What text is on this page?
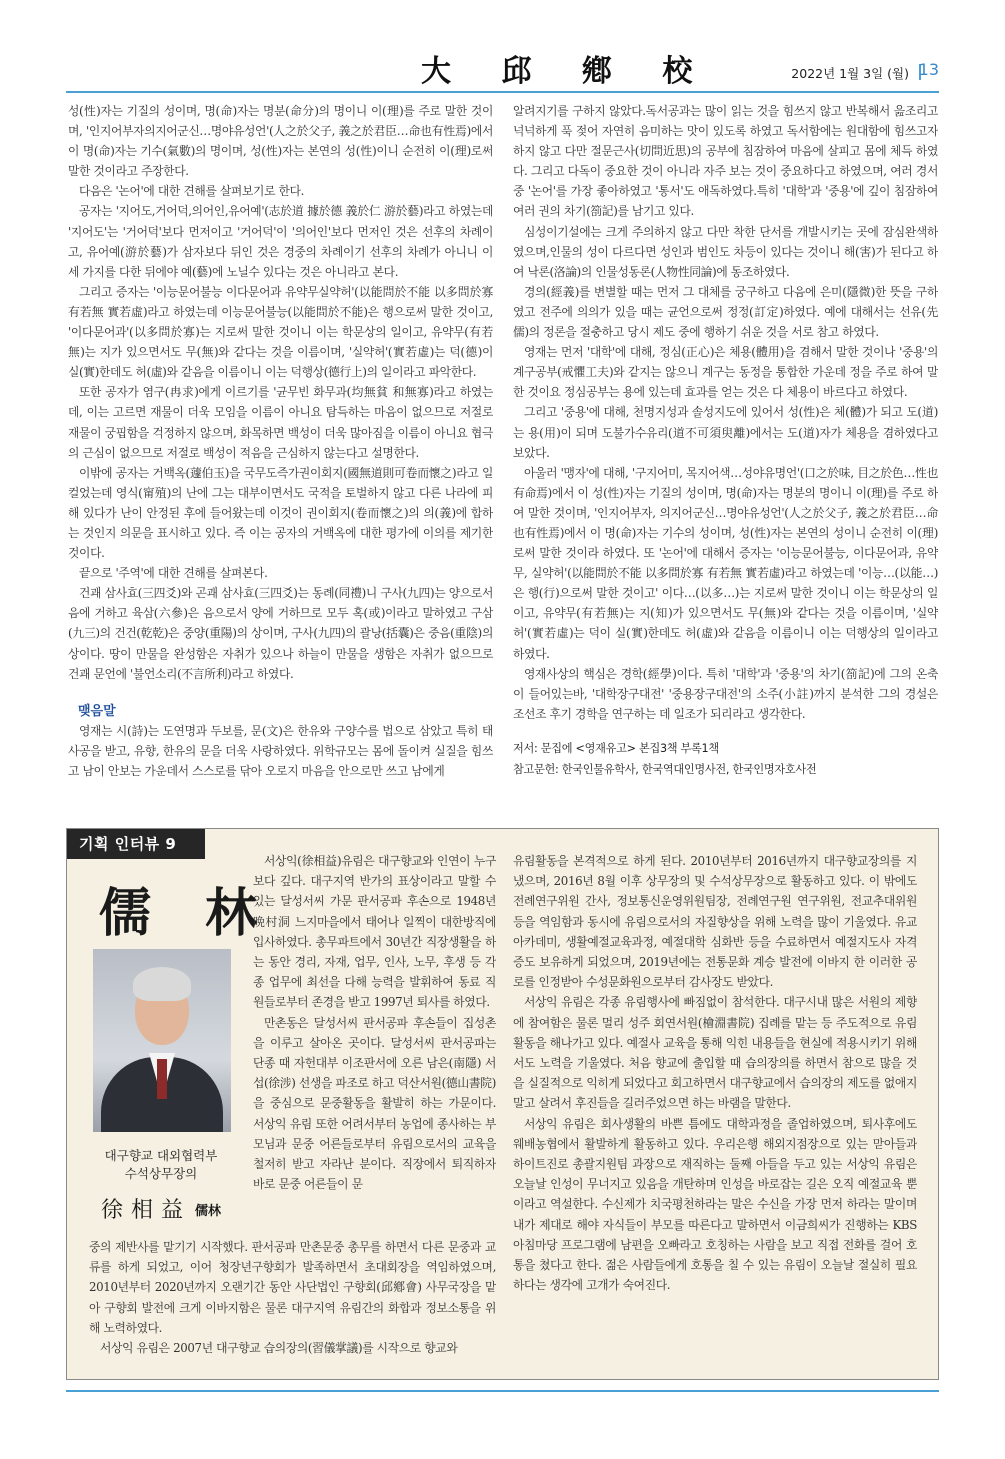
大 邱 鄕 校	2022년 1월 3일 (월) 13

성(性)자는 기질의 성이며, 명(命)자는 명분(命分)의 명이니 이(理)를 주로 말한 것이며, '인지어부자의지어군신…명야유성언'(人之於父子, 義之於君臣…命也有性焉)에서 이 명(命)자는 기수(氣數)의 명이며, 성(性)자는 본연의 성(性)이니 순전히 이(理)로써 말한 것이라고 주장한다.

다음은 '논어'에 대한 견해를 살펴보기로 한다.

공자는 '지어도,거어덕,의어인,유어예'(志於道 據於德 義於仁 游於藝)라고 하였는데 '지어도'는 '거어덕'보다 먼저이고 '거어덕'이 '의어인'보다 먼저인 것은 선후의 차례이고, 유어예(游於藝)가 삼자보다 뒤인 것은 경중의 차례이기 선후의 차례가 아니니 이 세 가지를 다한 뒤에야 예(藝)에 노닐수 있다는 것은 아니라고 본다.

그리고 증자는 '이능문어불능 이다문어과 유약무실약허'(以能問於不能 以多問於寡 有若無 實若虛)라고 하였는데 이능문어불능(以能問於不能)은 행으로써 말한 것이고, '이다문어과'(以多問於寡)는 지로써 말한 것이니 이는 학문상의 일이고, 유약무(有若無)는 지가 있으면서도 무(無)와 같다는 것을 이름이며, '실약허'(實若虛)는 덕(德)이 실(實)한데도 허(虛)와 같음을 이름이니 이는 덕행상(德行上)의 일이라고 파악한다.

또한 공자가 염구(冉求)에게 이르기를 '균무빈 화무과(均無貧 和無寡)라고 하였는데, 이는 고르면 재물이 더욱 모임을 이름이 아니요 탐득하는 마음이 없으므로 저절로 재물이 궁핍함을 걱정하지 않으며, 화목하면 백성이 더욱 많아짐을 이름이 아니요 협극의 근심이 없으므로 저절로 백성이 적음을 근심하지 않는다고 설명한다.

이밖에 공자는 거백옥(蘧伯玉)을 국무도즉가권이회지(國無道則可卷而懷之)라고 일컬었는데 영식(甯殖)의 난에 그는 대부이면서도 국적을 토벌하지 않고 다른 나라에 피해 있다가 난이 안정된 후에 들어왔는데 이것이 권이회지(卷而懷之)의 의(義)에 합하는 것인지 의문을 표시하고 있다. 즉 이는 공자의 거백옥에 대한 평가에 이의를 제기한 것이다.

끝으로 '주역'에 대한 견해를 살펴본다.

건괘 삼사효(三四爻)와 곤괘 삼사효(三四爻)는 동례(同禮)니 구사(九四)는 양으로서 음에 거하고 육삼(六參)은 음으로서 양에 거하므로 모두 혹(或)이라고 말하였고 구삼(九三)의 건건(乾乾)은 중양(重陽)의 상이며, 구사(九四)의 괄낭(括囊)은 중음(重陰)의 상이다. 땅이 만물을 완성함은 자취가 있으나 하늘이 만물을 생함은 자취가 없으므로 건괘 문언에 '불언소리(不言所利)라고 하였다.

맺음말

영재는 시(詩)는 도연명과 두보를, 문(文)은 한유와 구양수를 법으로 삼았고 특히 태사공을 받고, 유향, 한유의 문을 더욱 사랑하였다. 위학규모는 몸에 돌이켜 실질을 힘쓰고 남이 안보는 가운데서 스스로를 닦아 오로지 마음을 안으로만 쓰고 남에게

알려지기를 구하지 않았다.독서공과는 많이 읽는 것을 힘쓰지 않고 반복해서 읊조리고 넉넉하게 푹 젖어 자연히 음미하는 맛이 있도록 하였고 독서함에는 원대함에 힘쓰고자 하지 않고 다만 절문근사(切問近思)의 공부에 침잠하여 마음에 살피고 몸에 체득 하였다. 그리고 다독이 중요한 것이 아니라 자주 보는 것이 중요하다고 하였으며, 여러 경서중 '논어'를 가장 좋아하였고 '통서'도 애독하였다.특히 '대학'과 '중용'에 깊이 침잠하여 여러 권의 차기(箚記)를 남기고 있다.

심성이기설에는 크게 주의하지 않고 다만 착한 단서를 개발시키는 곳에 잠심완색하였으며,인물의 성이 다르다면 성인과 범인도 차등이 있다는 것이니 해(害)가 된다고 하여 낙론(洛論)의 인물성동론(人物性同論)에 동조하였다.

경의(經義)를 변별할 때는 먼저 그 대체를 궁구하고 다음에 은미(隱微)한 뜻을 구하였고 전주에 의의가 있을 때는 균언으로써 정정(訂定)하였다. 예에 대해서는 선유(先儒)의 정론을 절충하고 당시 제도 중에 행하기 쉬운 것을 서로 참고 하였다.

영재는 먼저 '대학'에 대해, 정심(正心)은 체용(體用)을 겸해서 말한 것이나 '중용'의 계구공부(戒懼工夫)와 같지는 않으니 계구는 동정을 통합한 가운데 정을 주로 하여 말한 것이요 정심공부는 용에 있는데 효과를 얻는 것은 다 체용이 바르다고 하였다.

그리고 '중용'에 대해, 천명지성과 솔성지도에 있어서 성(性)은 체(體)가 되고 도(道)는 용(用)이 되며 도불가수유리(道不可須臾離)에서는 도(道)자가 체용을 겸하였다고 보았다.

아울러 '맹자'에 대해, '구지어미, 목지어색…성야유명언'(口之於味, 目之於色…性也有命焉)에서 이 성(性)자는 기질의 성이며, 명(命)자는 명분의 명이니 이(理)를 주로 하여 말한 것이며, '인지어부자, 의지어군신…명야유성언'(人之於父子, 義之於君臣…命也有性焉)에서 이 명(命)자는 기수의 성이며, 성(性)자는 본연의 성이니 순전히 이(理)로써 말한 것이라 하였다. 또 '논어'에 대해서 증자는 '이능문어불능, 이다문어과, 유약무, 실약허'(以能問於不能 以多問於寡 有若無 實若虛)라고 하였는데 '이능…(以能…)은 행(行)으로써 말한 것이고' 이다…(以多…)는 지로써 말한 것이니 이는 학문상의 일이고, 유약무(有若無)는 지(知)가 있으면서도 무(無)와 같다는 것을 이름이며, '실약허'(實若虛)는 덕이 실(實)한데도 허(虛)와 같음을 이름이니 이는 덕행상의 일이라고 하였다.

영재사상의 핵심은 경학(經學)이다. 특히 '대학'과 '중용'의 차기(箚記)에 그의 온축이 들어있는바, '대학장구대전' '중용장구대전'의 소주(小註)까지 분석한 그의 경설은 조선조 후기 경학을 연구하는 데 일조가 되리라고 생각한다.

저서: 문집에 <영재유고> 본집3책 부록1책
참고문헌: 한국인물유학사, 한국역대인명사전, 한국인명자호사전
기획 인터뷰 9
儒 林
대구향교 대외협력부
수석상무장의
徐相益 儒林

서상익(徐相益)유림은 대구향교와 인연이 누구보다 깊다. 대구지역 반가의 표상이라고 말할 수 있는 달성서씨 가문 판서공파 후손으로 1948년 晩村洞 느지마을에서 태어나 일찍이 대한방직에 입사하였다. 총무파트에서 30년간 직장생활을 하는 동안 경리, 자재, 업무, 인사, 노무, 후생 등 각종 업무에 최선을 다해 능력을 발휘하여 동료 직원들로부터 존경을 받고 1997년 퇴사를 하였다.

만촌동은 달성서씨 판서공파 후손들이 집성촌을 이루고 살아온 곳이다. 달성서씨 판서공파는 단종 때 자헌대부 이조판서에 오른 남은(南隱) 서섭(徐涉) 선생을 파조로 하고 덕산서원(德山書院)을 중심으로 문중활동을 활발히 하는 가문이다. 서상익 유림 또한 어려서부터 농업에 종사하는 부모님과 문중 어른들로부터 유림으로서의 교육을 철저히 받고 자라난 분이다. 직장에서 퇴직하자 바로 문중 어른들이 문

중의 제반사를 맡기기 시작했다. 판서공파 만촌문중 총무를 하면서 다른 문중과 교류를 하게 되었고, 이어 청장년구향회가 발족하면서 초대회장을 역임하였으며, 2010년부터 2020년까지 오랜기간 동안 사단법인 구향회(邱鄕會) 사무국장을 맡아 구향회 발전에 크게 이바지함은 물론 대구지역 유림간의 화합과 정보소통을 위해 노력하였다.

서상익 유림은 2007년 대구향교 습의장의(習儀掌議)를 시작으로 향교와

유림활동을 본격적으로 하게 된다. 2010년부터 2016년까지 대구향교장의를 지냈으며, 2016년 8월 이후 상무장의 및 수석상무장으로 활동하고 있다. 이 밖에도 전례연구위원 간사, 정보통신운영위원팀장, 전례연구원 연구위원, 전교추대위원 등을 역임함과 동시에 유림으로서의 자질향상을 위해 노력을 많이 기울였다. 유교아카데미, 생활예절교육과정, 예절대학 심화반 등을 수료하면서 예절지도사 자격증도 보유하게 되었으며, 2019년에는 전통문화 계승 발전에 이바지 한 이러한 공로를 인정받아 수성문화원으로부터 감사장도 받았다.

서상익 유림은 각종 유림행사에 빠짐없이 참석한다. 대구시내 많은 서원의 제향에 참여함은 물론 멀리 성주 회연서원(檜淵書院) 집례를 맡는 등 주도적으로 유림활동을 해나가고 있다. 예절사 교육을 통해 익힌 내용들을 현실에 적용시키기 위해서도 노력을 기울였다. 처음 향교에 출입할 때 습의장의를 하면서 참으로 많을 것을 실질적으로 익히게 되었다고 회고하면서 대구향교에서 습의장의 제도를 없애지 말고 살려서 후진들을 길러주었으면 하는 바램을 말한다.

서상익 유림은 회사생활의 바쁜 틈에도 대학과정을 졸업하였으며, 퇴사후에도 웨배농협에서 활발하게 활동하고 있다. 우리은행 해외지점장으로 있는 맏아들과 하이트진로 총괄지원팀 과장으로 재직하는 둘째 아들을 두고 있는 서상익 유림은 오늘날 인성이 무너지고 있음을 개탄하며 인성을 바로잡는 길은 오직 예절교육 뿐이라고 역설한다. 수신제가 치국평천하라는 말은 수신을 가장 먼저 하라는 말이며 내가 제대로 해야 자식들이 부모를 따른다고 말하면서 이금희씨가 진행하는 KBS아침마당 프로그램에 남편을 오빠라고 호칭하는 사람을 보고 직접 전화를 걸어 호통을 쳤다고 한다. 젊은 사람들에게 호통을 칠 수 있는 유림이 오늘날 절실히 필요하다는 생각에 고개가 숙여진다.
